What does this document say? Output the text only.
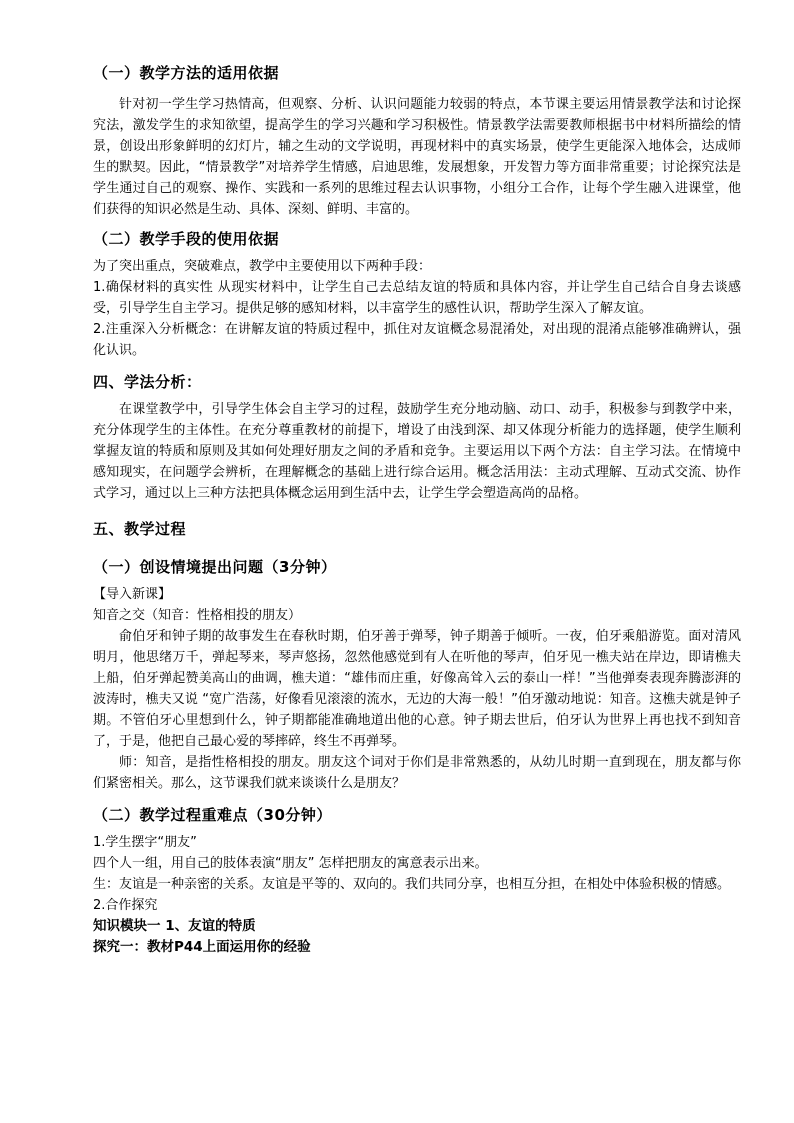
（一）教学方法的适用依据

针对初一学生学习热情高，但观察、分析、认识问题能力较弱的特点，本节课主要运用情景教学法和讨论探究法，激发学生的求知欲望，提高学生的学习兴趣和学习积极性。情景教学法需要教师根据书中材料所描绘的情景，创设出形象鲜明的幻灯片，辅之生动的文学说明，再现材料中的真实场景，使学生更能深入地体会，达成师生的默契。因此，“情景教学”对培养学生情感，启迪思维，发展想象，开发智力等方面非常重要；讨论探究法是学生通过自己的观察、操作、实践和一系列的思维过程去认识事物，小组分工合作，让每个学生融入进课堂，他们获得的知识必然是生动、具体、深刻、鲜明、丰富的。

（二）教学手段的使用依据

为了突出重点，突破难点，教学中主要使用以下两种手段：

1.确保材料的真实性 从现实材料中，让学生自己去总结友谊的特质和具体内容，并让学生自己结合自身去谈感受，引导学生自主学习。提供足够的感知材料，以丰富学生的感性认识，帮助学生深入了解友谊。

2.注重深入分析概念：在讲解友谊的特质过程中，抓住对友谊概念易混淆处，对出现的混淆点能够准确辨认，强化认识。

四、学法分析：

在课堂教学中，引导学生体会自主学习的过程，鼓励学生充分地动脑、动口、动手，积极参与到教学中来，充分体现学生的主体性。在充分尊重教材的前提下，增设了由浅到深、却又体现分析能力的选择题，使学生顺利掌握友谊的特质和原则及其如何处理好朋友之间的矛盾和竞争。主要运用以下两个方法：自主学习法。在情境中感知现实，在问题学会辨析，在理解概念的基础上进行综合运用。概念活用法：主动式理解、互动式交流、协作式学习，通过以上三种方法把具体概念运用到生活中去，让学生学会塑造高尚的品格。

五、教学过程

（一）创设情境提出问题（3分钟）

【导入新课】

知音之交（知音：性格相投的朋友）

俞伯牙和钟子期的故事发生在春秋时期，伯牙善于弹琴，钟子期善于倾听。一夜，伯牙乘船游览。面对清风明月，他思绪万千，弹起琴来，琴声悠扬，忽然他感觉到有人在听他的琴声，伯牙见一樵夫站在岸边，即请樵夫上船，伯牙弹起赞美高山的曲调，樵夫道：“雄伟而庄重，好像高耸入云的泰山一样！”当他弹奏表现奔腾澎湃的波涛时，樵夫又说 “宽广浩荡，好像看见滚滚的流水，无边的大海一般！”伯牙激动地说：知音。这樵夫就是钟子期。不管伯牙心里想到什么，钟子期都能准确地道出他的心意。钟子期去世后，伯牙认为世界上再也找不到知音了，于是，他把自己最心爱的琴摔碎，终生不再弹琴。

师：知音，是指性格相投的朋友。朋友这个词对于你们是非常熟悉的，从幼儿时期一直到现在，朋友都与你们紧密相关。那么，这节课我们就来谈谈什么是朋友？

（二）教学过程重难点（30分钟）

1.学生摆字“朋友”

四个人一组，用自己的肢体表演“朋友” 怎样把朋友的寓意表示出来。

生：友谊是一种亲密的关系。友谊是平等的、双向的。我们共同分享，也相互分担，在相处中体验积极的情感。

2.合作探究

知识模块一 1、友谊的特质

探究一：教材P44上面运用你的经验
